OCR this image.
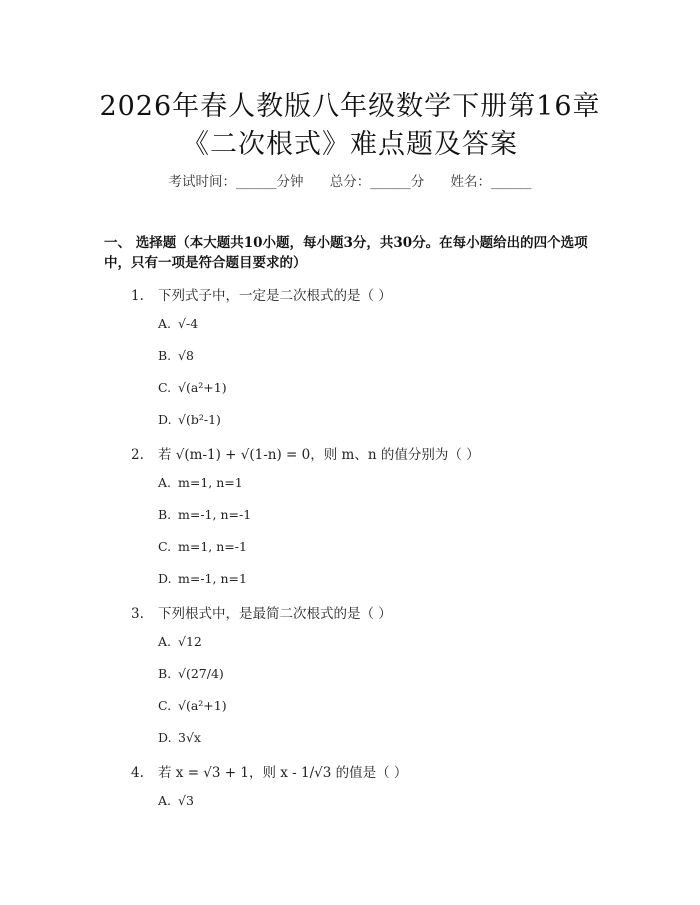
2026年春人教版八年级数学下册第16章
《二次根式》难点题及答案
考试时间：______分钟 总分：______分 姓名：______
一、 选择题（本大题共10小题，每小题3分，共30分。在每小题给出的四个选项中，只有一项是符合题目要求的）
1. 下列式子中，一定是二次根式的是（ ）
A. √-4
B. √8
C. √(a²+1)
D. √(b²-1)
2. 若 √(m-1) + √(1-n) = 0，则 m、n 的值分别为（ ）
A. m=1, n=1
B. m=-1, n=-1
C. m=1, n=-1
D. m=-1, n=1
3. 下列根式中，是最简二次根式的是（ ）
A. √12
B. √(27/4)
C. √(a²+1)
D. 3√x
4. 若 x = √3 + 1，则 x - 1/√3 的值是（ ）
A. √3
